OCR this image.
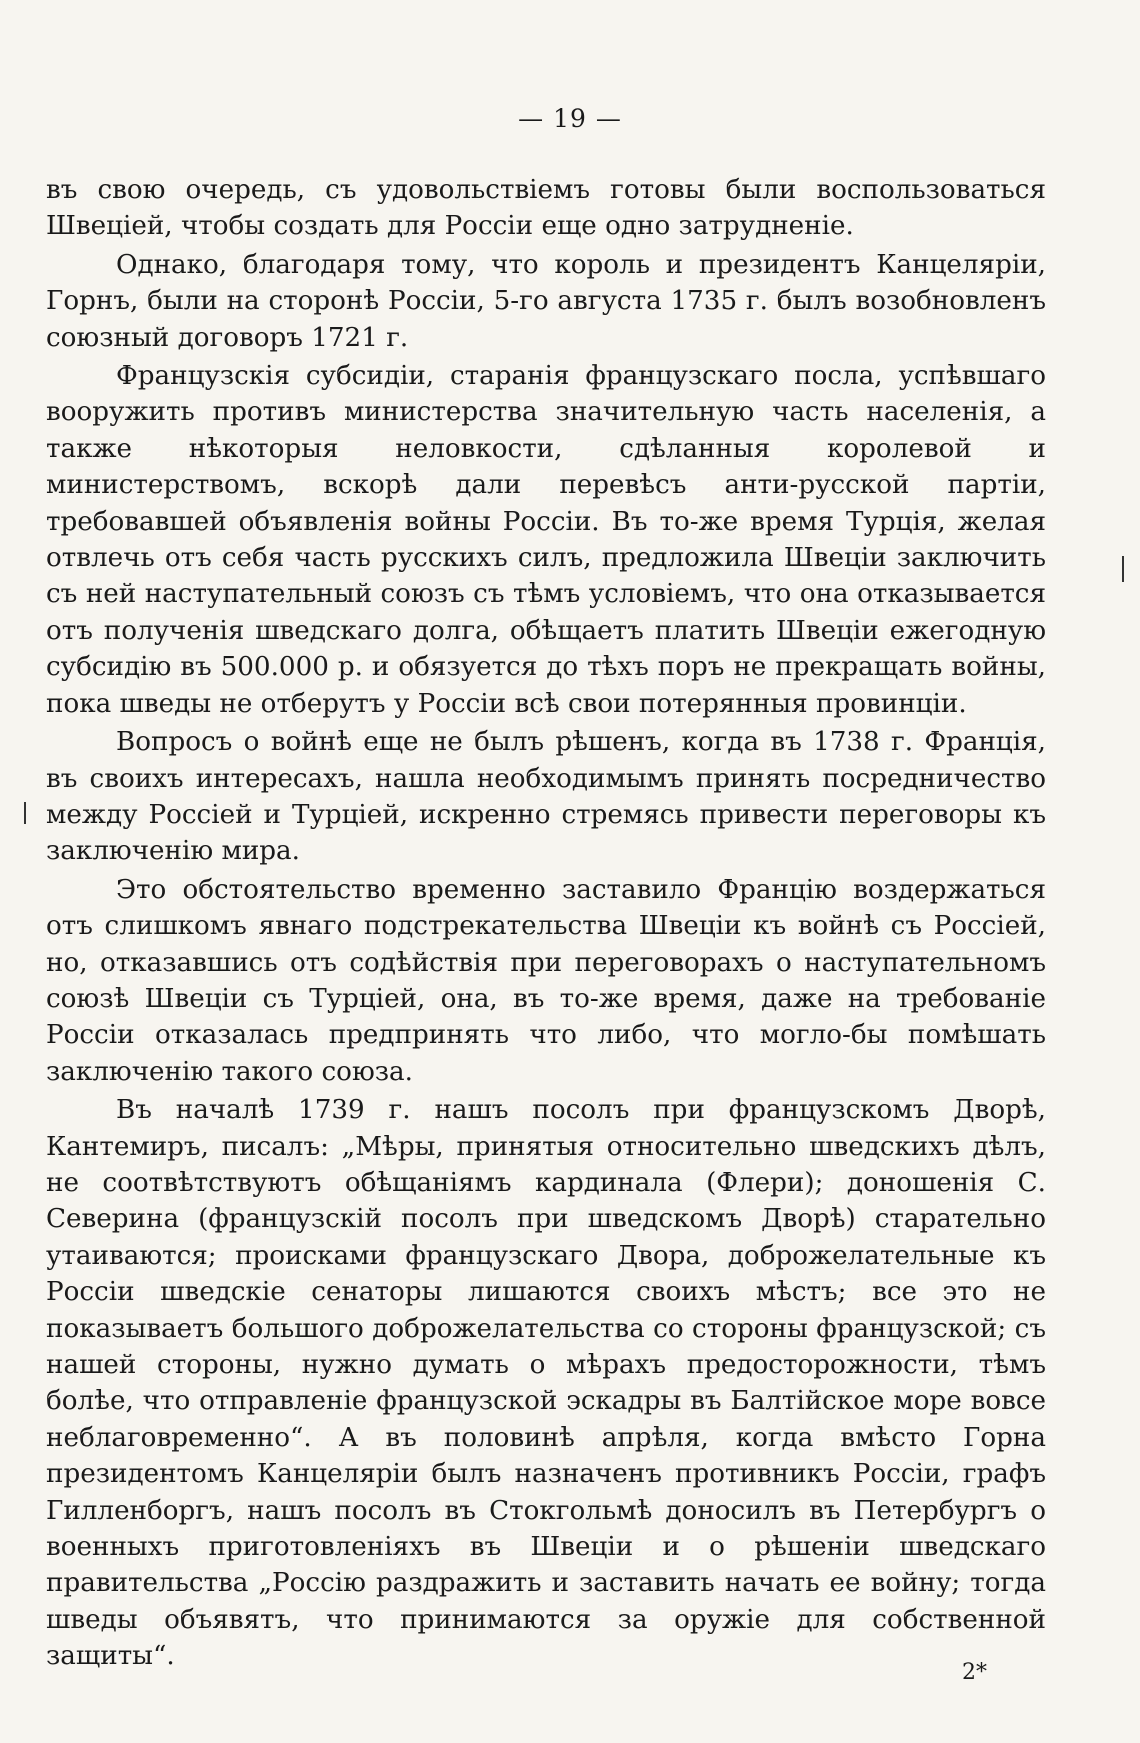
— 19 —

въ свою очередь, съ удовольствіемъ готовы были воспользоваться Швеціей, чтобы создать для Россіи еще одно затрудненіе.

Однако, благодаря тому, что король и президентъ Канцеляріи, Горнъ, были на сторонѣ Россіи, 5-го августа 1735 г. былъ возобновленъ союзный договоръ 1721 г.

Французскія субсидіи, старанія французскаго посла, успѣвшаго вооружить противъ министерства значительную часть населенія, а также нѣкоторыя неловкости, сдѣланныя королевой и министерствомъ, вскорѣ дали перевѣсъ анти-русской партіи, требовавшей объявленія войны Россіи. Въ то-же время Турція, желая отвлечь отъ себя часть русскихъ силъ, предложила Швеціи заключить съ ней наступательный союзъ съ тѣмъ условіемъ, что она отказывается отъ полученія шведскаго долга, обѣщаетъ платить Швеціи ежегодную субсидію въ 500.000 р. и обязуется до тѣхъ поръ не прекращать войны, пока шведы не отберутъ у Россіи всѣ свои потерянныя провинціи.

Вопросъ о войнѣ еще не былъ рѣшенъ, когда въ 1738 г. Франція, въ своихъ интересахъ, нашла необходимымъ принять посредничество между Россіей и Турціей, искренно стремясь привести переговоры къ заключенію мира.

Это обстоятельство временно заставило Францію воздержаться отъ слишкомъ явнаго подстрекательства Швеціи къ войнѣ съ Россіей, но, отказавшись отъ содѣйствія при переговорахъ о наступательномъ союзѣ Швеціи съ Турціей, она, въ то-же время, даже на требованіе Россіи отказалась предпринять что либо, что могло-бы помѣшать заключенію такого союза.

Въ началѣ 1739 г. нашъ посолъ при французскомъ Дворѣ, Кантемиръ, писалъ: „Мѣры, принятыя относительно шведскихъ дѣлъ, не соотвѣтствуютъ обѣщаніямъ кардинала (Флери); доношенія С. Северина (французскій посолъ при шведскомъ Дворѣ) старательно утаиваются; происками французскаго Двора, доброжелательные къ Россіи шведскіе сенаторы лишаются своихъ мѣстъ; все это не показываетъ большого доброжелательства со стороны французской; съ нашей стороны, нужно думать о мѣрахъ предосторожности, тѣмъ болѣе, что отправленіе французской эскадры въ Балтійское море вовсе неблаговременно“. А въ половинѣ апрѣля, когда вмѣсто Горна президентомъ Канцеляріи былъ назначенъ противникъ Россіи, графъ Гилленборгъ, нашъ посолъ въ Стокгольмѣ доносилъ въ Петербургъ о военныхъ приготовленіяхъ въ Швеціи и о рѣшеніи шведскаго правительства „Россію раздражить и заставить начать ее войну; тогда шведы объявятъ, что принимаются за оружіе для собственной защиты“.

2*
